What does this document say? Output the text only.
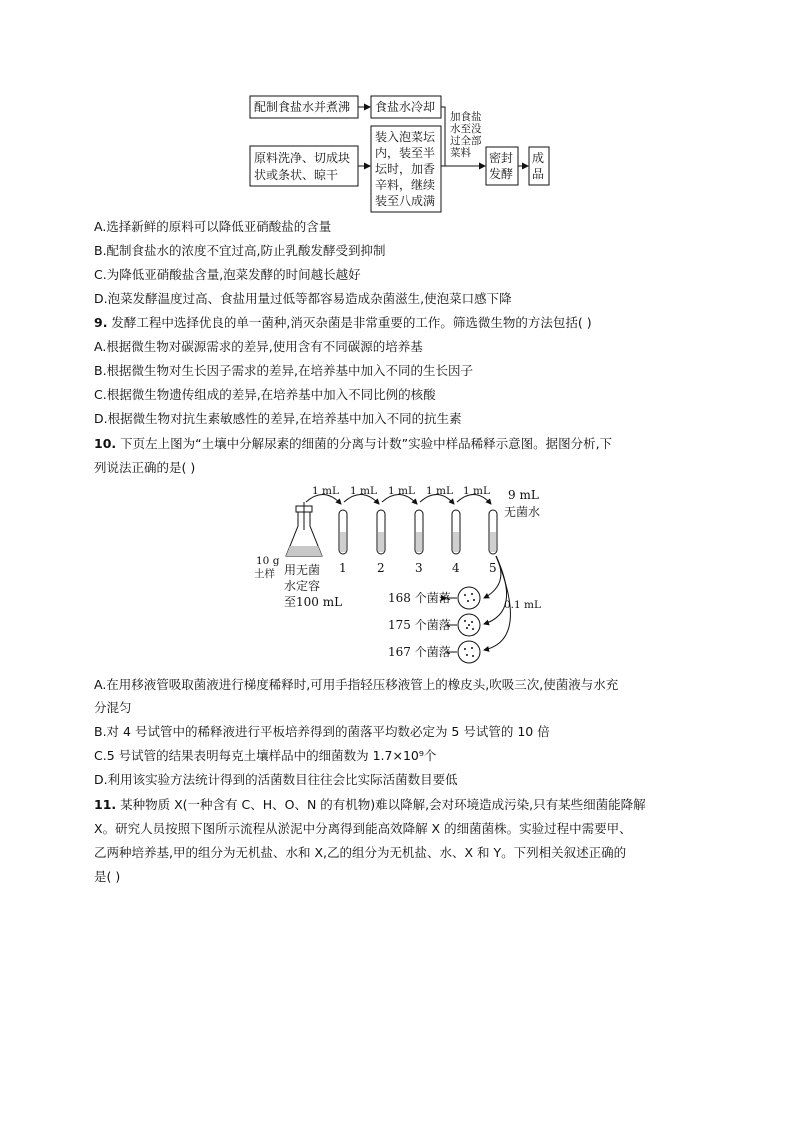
配制食盐水并煮沸 食盐水冷却
原料洗净、切成块
状或条状、晾干
装入泡菜坛
内，装至半
坛时，加香
辛料，继续
装至八成满
加食盐
水至没
过全部
菜料 密封
发酵
成
品
A.选择新鲜的原料可以降低亚硝酸盐的含量
B.配制食盐水的浓度不宜过高,防止乳酸发酵受到抑制
C.为降低亚硝酸盐含量,泡菜发酵的时间越长越好
D.泡菜发酵温度过高、食盐用量过低等都容易造成杂菌滋生,使泡菜口感下降
9. 发酵工程中选择优良的单一菌种,消灭杂菌是非常重要的工作。筛选微生物的方法包括( )
A.根据微生物对碳源需求的差异,使用含有不同碳源的培养基
B.根据微生物对生长因子需求的差异,在培养基中加入不同的生长因子
C.根据微生物遗传组成的差异,在培养基中加入不同比例的核酸
D.根据微生物对抗生素敏感性的差异,在培养基中加入不同的抗生素
10. 下页左上图为“土壤中分解尿素的细菌的分离与计数”实验中样品稀释示意图。据图分析,下
列说法正确的是( )
10 g
土样 用无菌
水定容
至100 mL
1 mL 1 mL 1 mL 1 mL 1 mL 9 mL
无菌水
1	2	3 4 5
0.1 mL
168 个菌落
175 个菌落
167 个菌落
A.在用移液管吸取菌液进行梯度稀释时,可用手指轻压移液管上的橡皮头,吹吸三次,使菌液与水充
分混匀
B.对 4 号试管中的稀释液进行平板培养得到的菌落平均数必定为 5 号试管的 10 倍
C.5 号试管的结果表明每克土壤样品中的细菌数为 1.7×10⁹个
D.利用该实验方法统计得到的活菌数目往往会比实际活菌数目要低
11. 某种物质 X(一种含有 C、H、O、N 的有机物)难以降解,会对环境造成污染,只有某些细菌能降解
X。研究人员按照下图所示流程从淤泥中分离得到能高效降解 X 的细菌菌株。实验过程中需要甲、
乙两种培养基,甲的组分为无机盐、水和 X,乙的组分为无机盐、水、X 和 Y。下列相关叙述正确的
是( )
